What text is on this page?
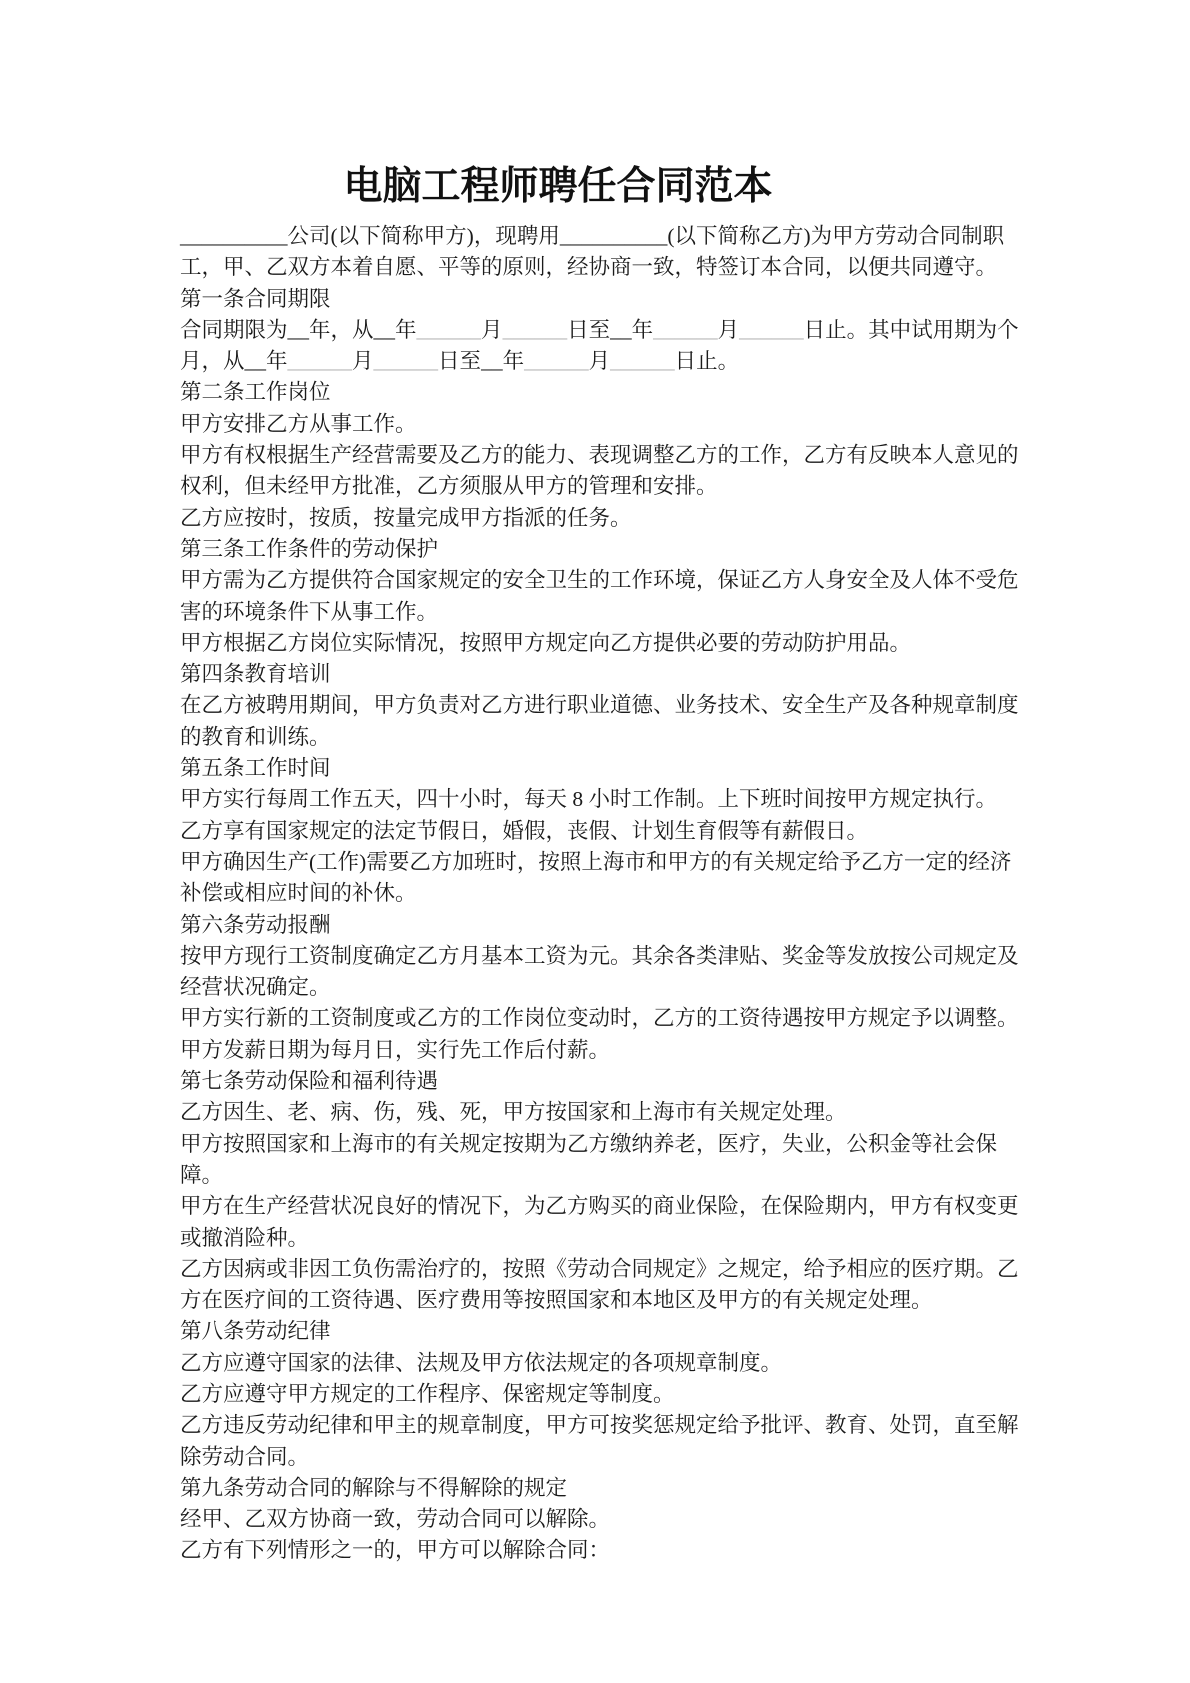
电脑工程师聘任合同范本

__________公司(以下简称甲方)，现聘用__________(以下简称乙方)为甲方劳动合同制职工，甲、乙双方本着自愿、平等的原则，经协商一致，特签订本合同，以便共同遵守。

第一条合同期限

合同期限为__年，从__年______月______日至__年______月______日止。其中试用期为个月，从__年______月______日至__年______月______日止。

第二条工作岗位

甲方安排乙方从事工作。

甲方有权根据生产经营需要及乙方的能力、表现调整乙方的工作，乙方有反映本人意见的权利，但未经甲方批准，乙方须服从甲方的管理和安排。

乙方应按时，按质，按量完成甲方指派的任务。

第三条工作条件的劳动保护

甲方需为乙方提供符合国家规定的安全卫生的工作环境，保证乙方人身安全及人体不受危害的环境条件下从事工作。

甲方根据乙方岗位实际情况，按照甲方规定向乙方提供必要的劳动防护用品。

第四条教育培训

在乙方被聘用期间，甲方负责对乙方进行职业道德、业务技术、安全生产及各种规章制度的教育和训练。

第五条工作时间

甲方实行每周工作五天，四十小时，每天 8 小时工作制。上下班时间按甲方规定执行。

乙方享有国家规定的法定节假日，婚假，丧假、计划生育假等有薪假日。

甲方确因生产(工作)需要乙方加班时，按照上海市和甲方的有关规定给予乙方一定的经济补偿或相应时间的补休。

第六条劳动报酬

按甲方现行工资制度确定乙方月基本工资为元。其余各类津贴、奖金等发放按公司规定及经营状况确定。

甲方实行新的工资制度或乙方的工作岗位变动时，乙方的工资待遇按甲方规定予以调整。

甲方发薪日期为每月日，实行先工作后付薪。

第七条劳动保险和福利待遇

乙方因生、老、病、伤，残、死，甲方按国家和上海市有关规定处理。

甲方按照国家和上海市的有关规定按期为乙方缴纳养老，医疗，失业，公积金等社会保障。

甲方在生产经营状况良好的情况下，为乙方购买的商业保险，在保险期内，甲方有权变更或撤消险种。

乙方因病或非因工负伤需治疗的，按照《劳动合同规定》之规定，给予相应的医疗期。乙方在医疗间的工资待遇、医疗费用等按照国家和本地区及甲方的有关规定处理。

第八条劳动纪律

乙方应遵守国家的法律、法规及甲方依法规定的各项规章制度。

乙方应遵守甲方规定的工作程序、保密规定等制度。

乙方违反劳动纪律和甲主的规章制度，甲方可按奖惩规定给予批评、教育、处罚，直至解除劳动合同。

第九条劳动合同的解除与不得解除的规定

经甲、乙双方协商一致，劳动合同可以解除。

乙方有下列情形之一的，甲方可以解除合同：
